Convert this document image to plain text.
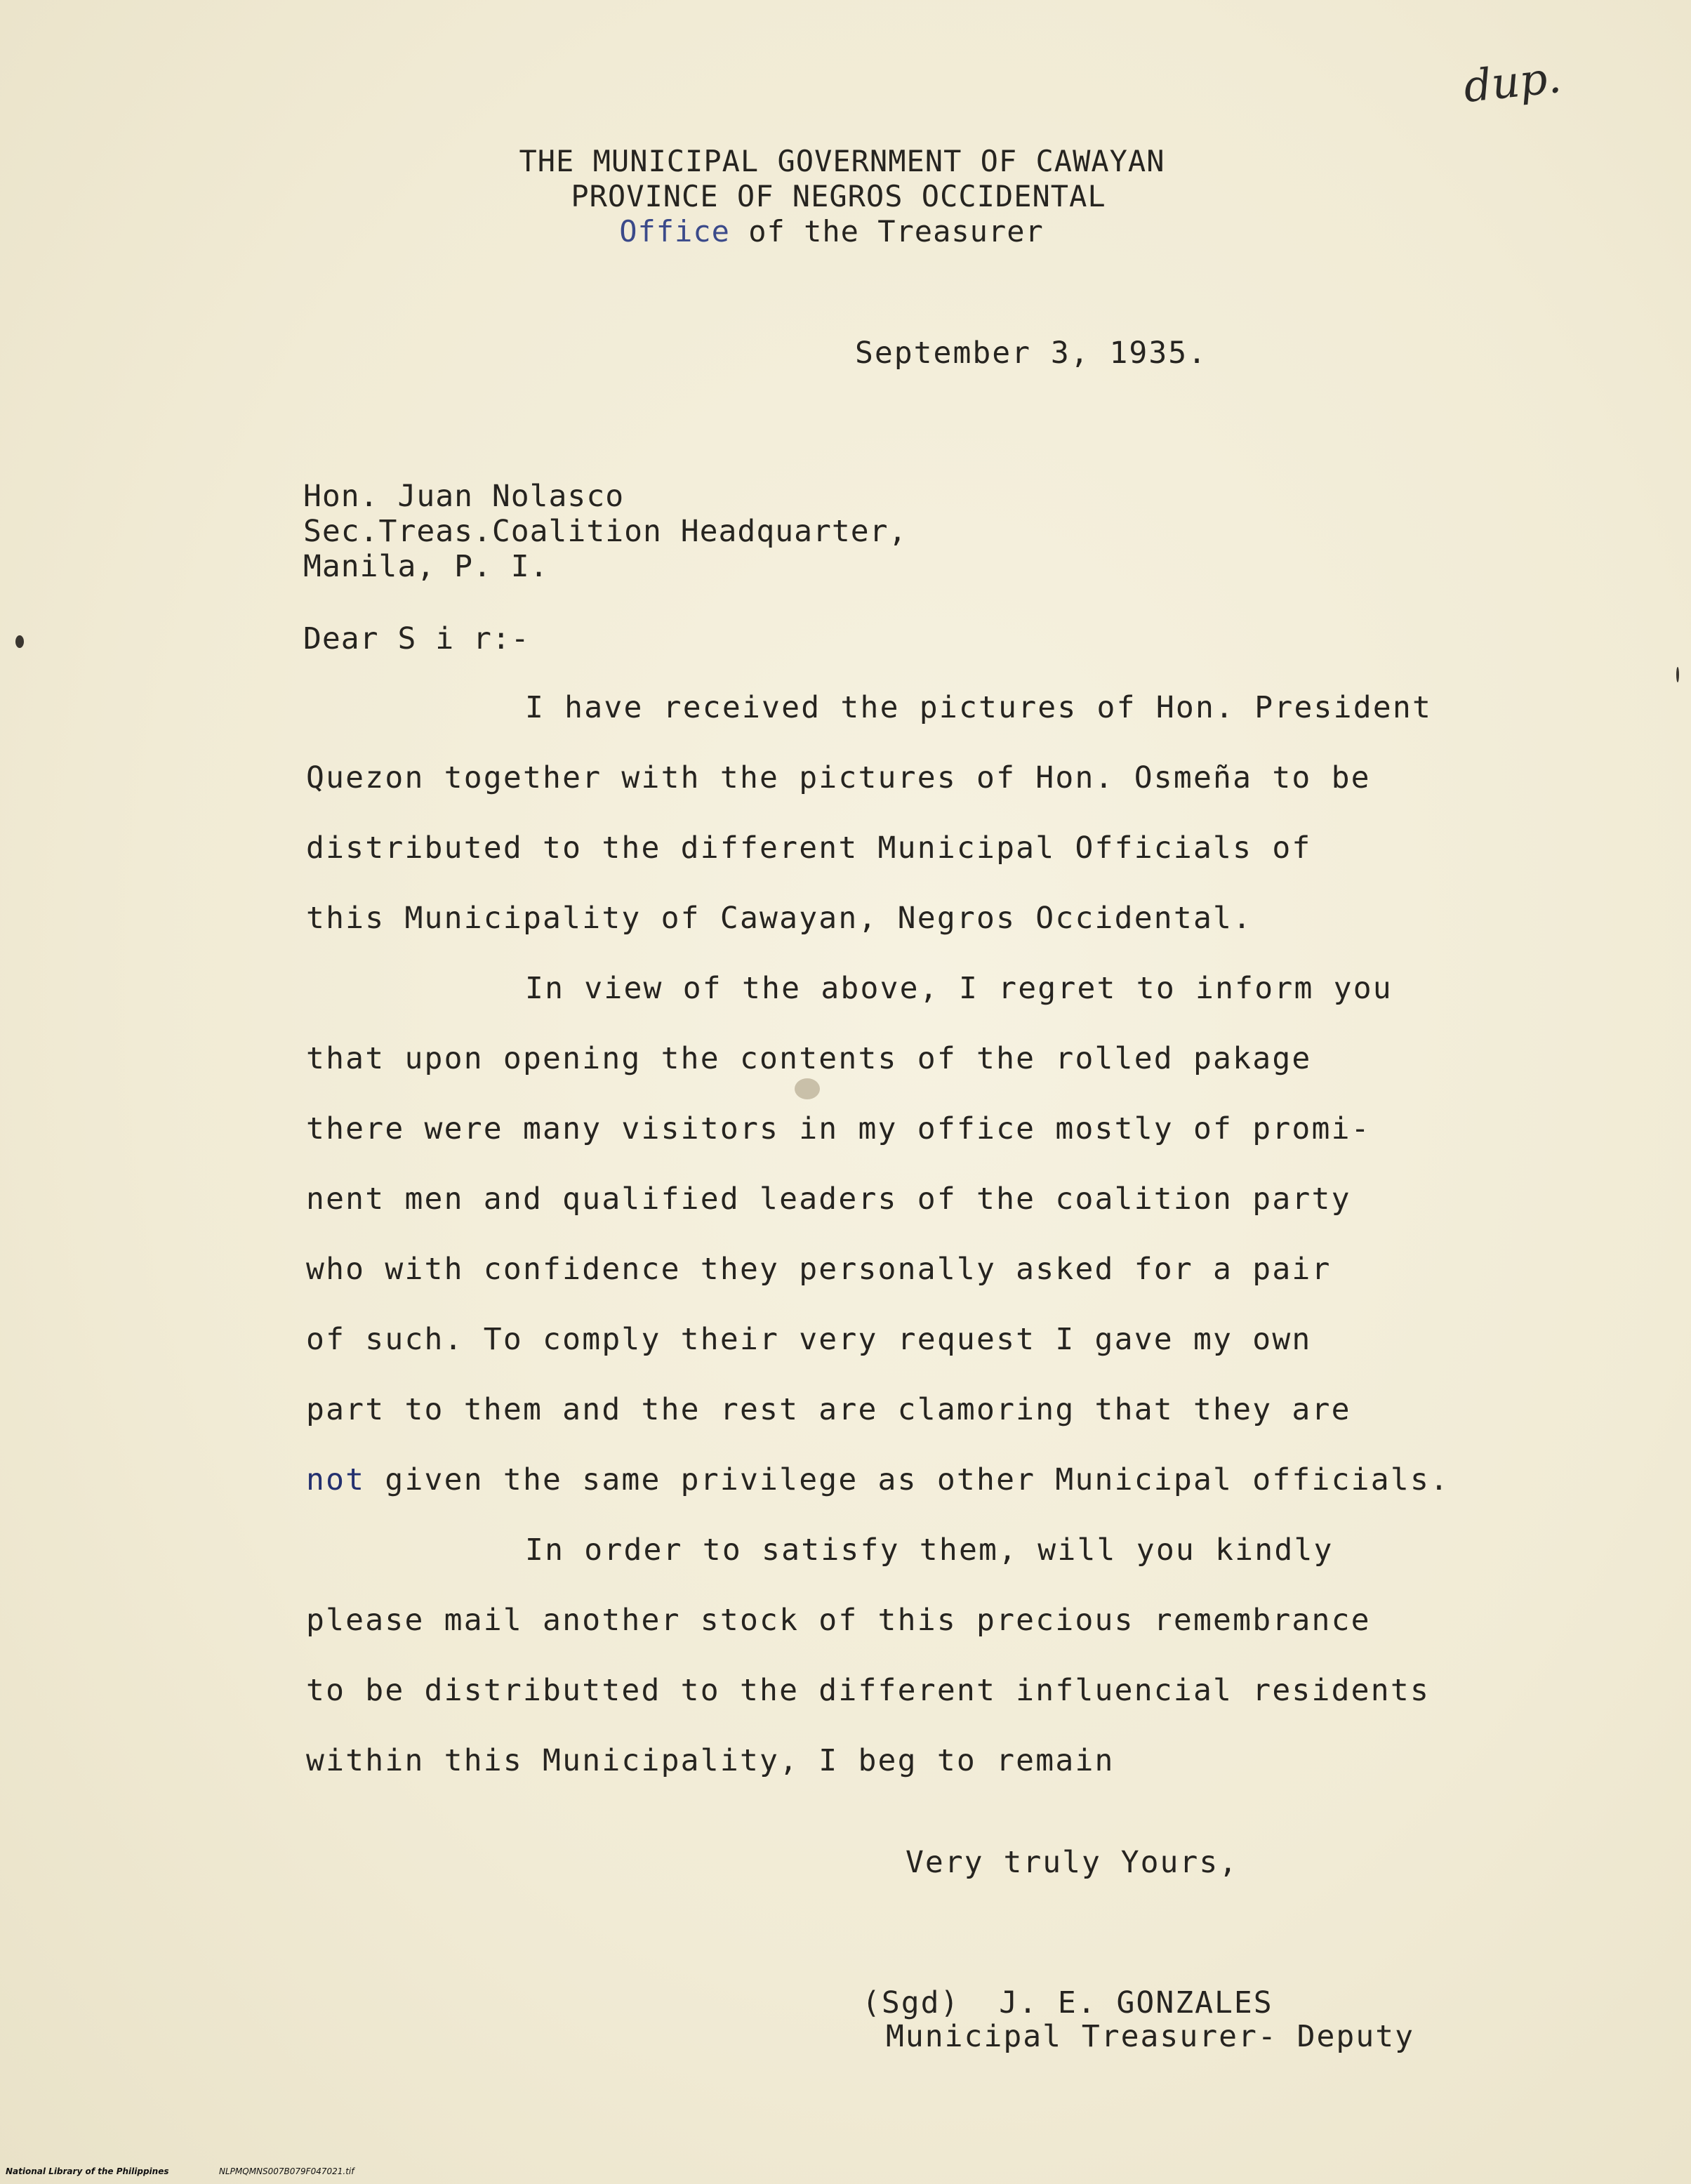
dup.
THE MUNICIPAL GOVERNMENT OF CAWAYAN
PROVINCE OF NEGROS OCCIDENTAL
Office of the Treasurer
September 3, 1935.
Hon. Juan Nolasco
Sec.Treas.Coalition Headquarter,
Manila, P. I.
Dear S i r:-
I have received the pictures of Hon. President
Quezon together with the pictures of Hon. Osmeña to be
distributed to the different Municipal Officials of
this Municipality of Cawayan, Negros Occidental.
In view of the above, I regret to inform you
that upon opening the contents of the rolled pakage
there were many visitors in my office mostly of promi-
nent men and qualified leaders of the coalition party
who with confidence they personally asked for a pair
of such. To comply their very request I gave my own
part to them and the rest are clamoring that they are
not given the same privilege as other Municipal officials.
In order to satisfy them, will you kindly
please mail another stock of this precious remembrance
to be distributted to the different influencial residents
within this Municipality, I beg to remain
Very truly Yours,
(Sgd)  J. E. GONZALES
Municipal Treasurer- Deputy
National Library of the Philippines	NLPMQMNS007B079F047021.tif
